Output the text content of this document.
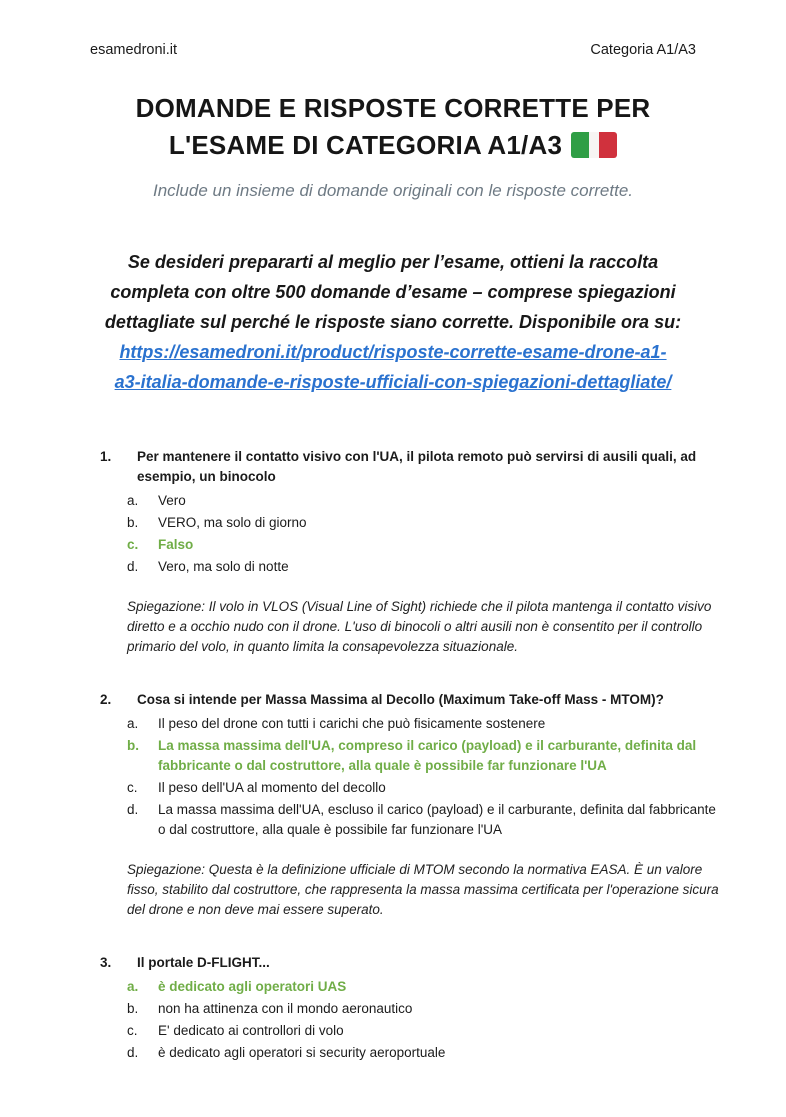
esamedroni.it	Categoria A1/A3
DOMANDE E RISPOSTE CORRETTE PER
L'ESAME DI CATEGORIA A1/A3
Include un insieme di domande originali con le risposte corrette.
Se desideri prepararti al meglio per l’esame, ottieni la raccolta
completa con oltre 500 domande d’esame – comprese spiegazioni
dettagliate sul perché le risposte siano corrette. Disponibile ora su:
https://esamedroni.it/product/risposte-corrette-esame-drone-a1-
a3-italia-domande-e-risposte-ufficiali-con-spiegazioni-dettagliate/
1.	Per mantenere il contatto visivo con l'UA, il pilota remoto può servirsi di ausili quali, ad esempio, un binocolo
a.	Vero
b.	VERO, ma solo di giorno
c.	Falso
d.	Vero, ma solo di notte

Spiegazione: Il volo in VLOS (Visual Line of Sight) richiede che il pilota mantenga il contatto visivo diretto e a occhio nudo con il drone. L'uso di binocoli o altri ausili non è consentito per il controllo primario del volo, in quanto limita la consapevolezza situazionale.

2.	Cosa si intende per Massa Massima al Decollo (Maximum Take-off Mass - MTOM)?
a.	Il peso del drone con tutti i carichi che può fisicamente sostenere
b.	La massa massima dell'UA, compreso il carico (payload) e il carburante, definita dal fabbricante o dal costruttore, alla quale è possibile far funzionare l'UA
c.	Il peso dell'UA al momento del decollo
d.	La massa massima dell'UA, escluso il carico (payload) e il carburante, definita dal fabbricante o dal costruttore, alla quale è possibile far funzionare l'UA

Spiegazione: Questa è la definizione ufficiale di MTOM secondo la normativa EASA. È un valore fisso, stabilito dal costruttore, che rappresenta la massa massima certificata per l'operazione sicura del drone e non deve mai essere superato.

3.	Il portale D-FLIGHT...
a.	è dedicato agli operatori UAS
b.	non ha attinenza con il mondo aeronautico
c.	E' dedicato ai controllori di volo
d.	è dedicato agli operatori si security aeroportuale
